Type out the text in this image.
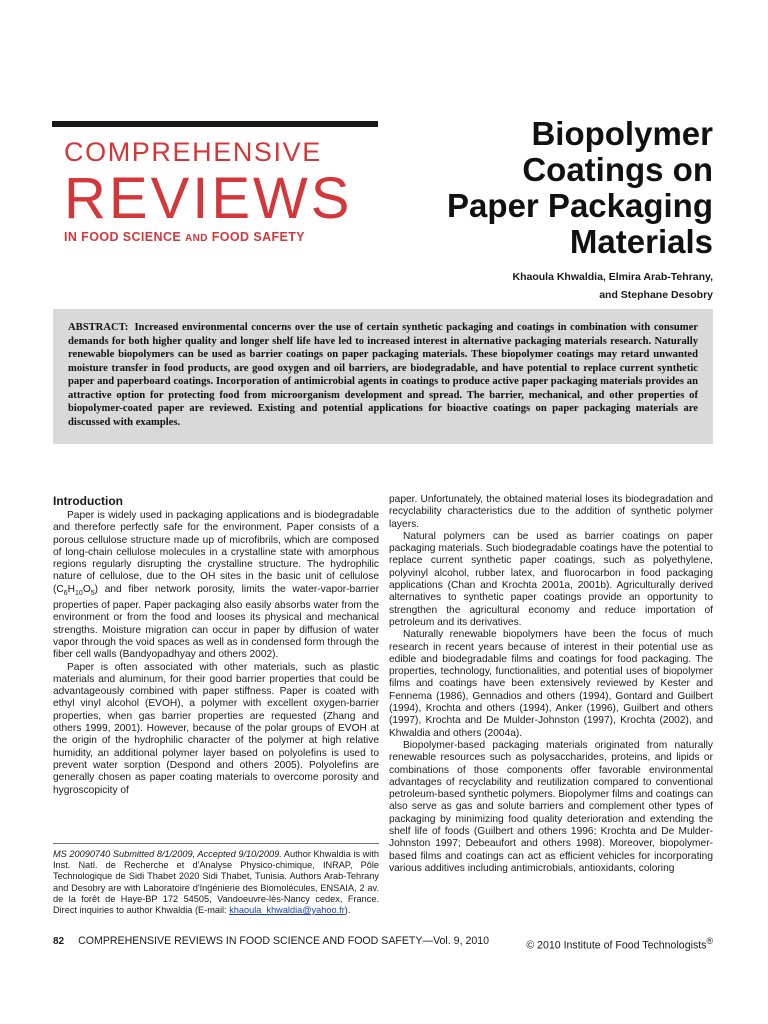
COMPREHENSIVE
REVIEWS
IN FOOD SCIENCE AND FOOD SAFETY
Biopolymer
Coatings on
Paper Packaging
Materials
Khaoula Khwaldia, Elmira Arab-Tehrany,
and Stephane Desobry

ABSTRACT: Increased environmental concerns over the use of certain synthetic packaging and coatings in combination with consumer demands for both higher quality and longer shelf life have led to increased interest in alternative packaging materials research. Naturally renewable biopolymers can be used as barrier coatings on paper packaging materials. These biopolymer coatings may retard unwanted moisture transfer in food products, are good oxygen and oil barriers, are biodegradable, and have potential to replace current synthetic paper and paperboard coatings. Incorporation of antimicrobial agents in coatings to produce active paper packaging materials provides an attractive option for protecting food from microorganism development and spread. The barrier, mechanical, and other properties of biopolymer-coated paper are reviewed. Existing and potential applications for bioactive coatings on paper packaging materials are discussed with examples.

Introduction

Paper is widely used in packaging applications and is biodegradable and therefore perfectly safe for the environment. Paper consists of a porous cellulose structure made up of microfibrils, which are composed of long-chain cellulose molecules in a crystalline state with amorphous regions regularly disrupting the crystalline structure. The hydrophilic nature of cellulose, due to the OH sites in the basic unit of cellulose $(C_6H_{10}O_5)$ and fiber network porosity, limits the water-vapor-barrier properties of paper. Paper packaging also easily absorbs water from the environment or from the food and looses its physical and mechanical strengths. Moisture migration can occur in paper by diffusion of water vapor through the void spaces as well as in condensed form through the fiber cell walls (Bandyopadhyay and others 2002).

Paper is often associated with other materials, such as plastic materials and aluminum, for their good barrier properties that could be advantageously combined with paper stiffness. Paper is coated with ethyl vinyl alcohol (EVOH), a polymer with excellent oxygen-barrier properties, when gas barrier properties are requested (Zhang and others 1999, 2001). However, because of the polar groups of EVOH at the origin of the hydrophilic character of the polymer at high relative humidity, an additional polymer layer based on polyolefins is used to prevent water sorption (Despond and others 2005). Polyolefins are generally chosen as paper coating materials to overcome porosity and hygroscopicity of

paper. Unfortunately, the obtained material loses its biodegradation and recyclability characteristics due to the addition of synthetic polymer layers.

Natural polymers can be used as barrier coatings on paper packaging materials. Such biodegradable coatings have the potential to replace current synthetic paper coatings, such as polyethylene, polyvinyl alcohol, rubber latex, and fluorocarbon in food packaging applications (Chan and Krochta 2001a, 2001b). Agriculturally derived alternatives to synthetic paper coatings provide an opportunity to strengthen the agricultural economy and reduce importation of petroleum and its derivatives.

Naturally renewable biopolymers have been the focus of much research in recent years because of interest in their potential use as edible and biodegradable films and coatings for food packaging. The properties, technology, functionalities, and potential uses of biopolymer films and coatings have been extensively reviewed by Kester and Fennema (1986), Gennadios and others (1994), Gontard and Guilbert (1994), Krochta and others (1994), Anker (1996), Guilbert and others (1997), Krochta and De Mulder-Johnston (1997), Krochta (2002), and Khwaldia and others (2004a).

Biopolymer-based packaging materials originated from naturally renewable resources such as polysaccharides, proteins, and lipids or combinations of those components offer favorable environmental advantages of recyclability and reutilization compared to conventional petroleum-based synthetic polymers. Biopolymer films and coatings can also serve as gas and solute barriers and complement other types of packaging by minimizing food quality deterioration and extending the shelf life of foods (Guilbert and others 1996; Krochta and De Mulder-Johnston 1997; Debeaufort and others 1998). Moreover, biopolymer-based films and coatings can act as efficient vehicles for incorporating various additives including antimicrobials, antioxidants, coloring

MS 20090740 Submitted 8/1/2009, Accepted 9/10/2009. Author Khwaldia is with Inst. Natl. de Recherche et d'Analyse Physico-chimique, INRAP, Pôle Technologique de Sidi Thabet 2020 Sidi Thabet, Tunisia. Authors Arab-Tehrany and Desobry are with Laboratoire d'Ingénierie des Biomolécules, ENSAIA, 2 av. de la forêt de Haye-BP 172 54505, Vandoeuvre-lès-Nancy cedex, France. Direct inquiries to author Khwaldia (E-mail: khaoula_khwaldia@yahoo.fr).
82 COMPREHENSIVE REVIEWS IN FOOD SCIENCE AND FOOD SAFETY—Vol. 9, 2010	© 2010 Institute of Food Technologists®
